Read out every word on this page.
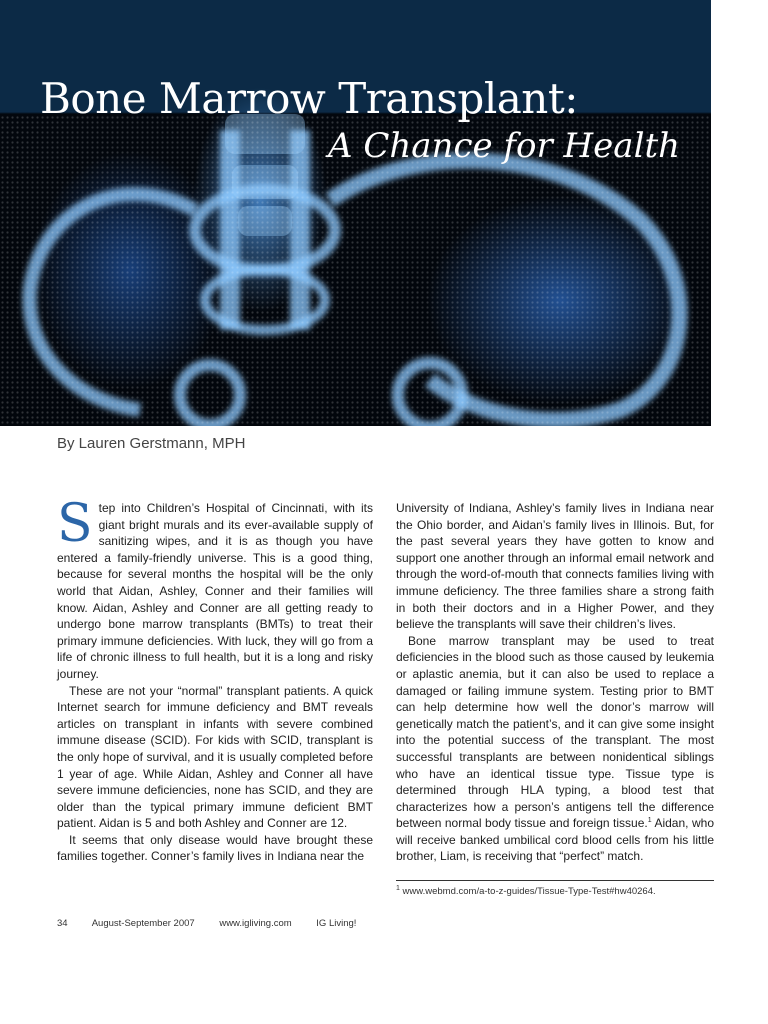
Bone Marrow Transplant:
A Chance for Health

By Lauren Gerstmann, MPH

Step into Children’s Hospital of Cincinnati, with its giant bright murals and its ever-available supply of sanitizing wipes, and it is as though you have entered a family-friendly universe. This is a good thing, because for several months the hospital will be the only world that Aidan, Ashley, Conner and their families will know. Aidan, Ashley and Conner are all getting ready to undergo bone marrow transplants (BMTs) to treat their primary immune deficiencies. With luck, they will go from a life of chronic illness to full health, but it is a long and risky journey.

These are not your “normal” transplant patients. A quick Internet search for immune deficiency and BMT reveals articles on transplant in infants with severe combined immune disease (SCID). For kids with SCID, transplant is the only hope of survival, and it is usually completed before 1 year of age. While Aidan, Ashley and Conner all have severe immune deficiencies, none has SCID, and they are older than the typical primary immune deficient BMT patient. Aidan is 5 and both Ashley and Conner are 12.

It seems that only disease would have brought these families together. Conner’s family lives in Indiana near the

University of Indiana, Ashley’s family lives in Indiana near the Ohio border, and Aidan’s family lives in Illinois. But, for the past several years they have gotten to know and support one another through an informal email network and through the word-of-mouth that connects families living with immune deficiency. The three families share a strong faith in both their doctors and in a Higher Power, and they believe the transplants will save their children’s lives.

Bone marrow transplant may be used to treat deficiencies in the blood such as those caused by leukemia or aplastic anemia, but it can also be used to replace a damaged or failing immune system. Testing prior to BMT can help determine how well the donor’s marrow will genetically match the patient’s, and it can give some insight into the potential success of the transplant. The most successful transplants are between nonidentical siblings who have an identical tissue type. Tissue type is determined through HLA typing, a blood test that characterizes how a person’s antigens tell the difference between normal body tissue and foreign tissue.$^1$ Aidan, who will receive banked umbilical cord blood cells from his little brother, Liam, is receiving that “perfect” match.

$^1$ www.webmd.com/a-to-z-guides/Tissue-Type-Test#hw40264.
34	August-September 2007	www.igliving.com	IG Living!
